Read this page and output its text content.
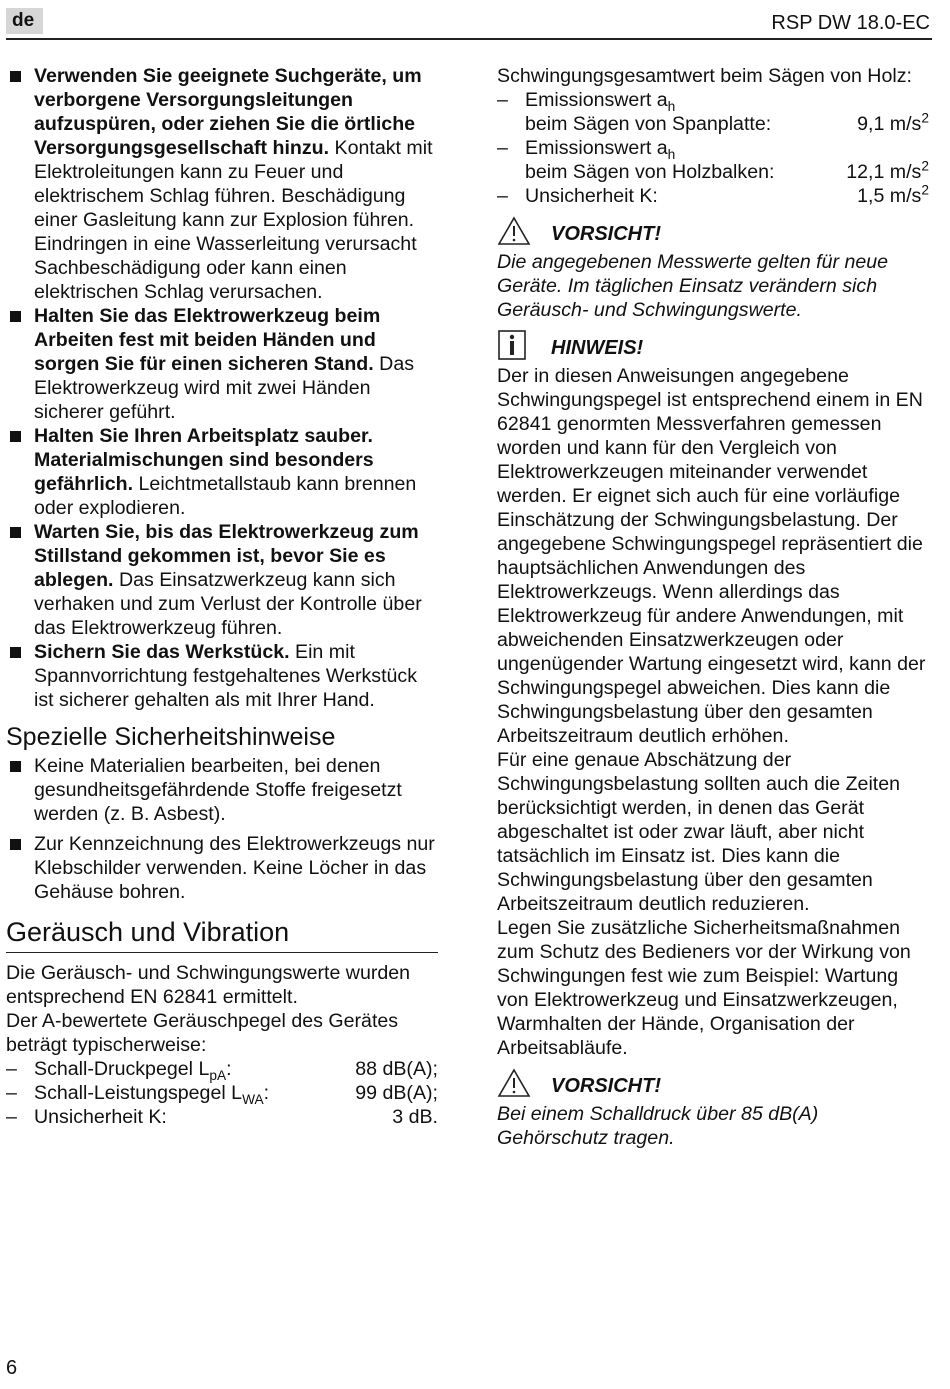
de	RSP DW 18.0-EC
Verwenden Sie geeignete Suchgeräte, um verborgene Versorgungsleitungen aufzuspüren, oder ziehen Sie die örtliche Versorgungsgesellschaft hinzu. Kontakt mit Elektroleitungen kann zu Feuer und elektrischem Schlag führen. Beschädigung einer Gasleitung kann zur Explosion führen. Eindringen in eine Wasserleitung verursacht Sachbeschädigung oder kann einen elektrischen Schlag verursachen.
Halten Sie das Elektrowerkzeug beim Arbeiten fest mit beiden Händen und sorgen Sie für einen sicheren Stand. Das Elektrowerkzeug wird mit zwei Händen sicherer geführt.
Halten Sie Ihren Arbeitsplatz sauber. Materialmischungen sind besonders gefährlich. Leichtmetallstaub kann brennen oder explodieren.
Warten Sie, bis das Elektrowerkzeug zum Stillstand gekommen ist, bevor Sie es ablegen. Das Einsatzwerkzeug kann sich verhaken und zum Verlust der Kontrolle über das Elektrowerkzeug führen.
Sichern Sie das Werkstück. Ein mit Spannvorrichtung festgehaltenes Werkstück ist sicherer gehalten als mit Ihrer Hand.
Spezielle Sicherheitshinweise
Keine Materialien bearbeiten, bei denen gesundheitsgefährdende Stoffe freigesetzt werden (z. B. Asbest).
Zur Kennzeichnung des Elektrowerkzeugs nur Klebschilder verwenden. Keine Löcher in das Gehäuse bohren.
Geräusch und Vibration

Die Geräusch- und Schwingungswerte wurden entsprechend EN 62841 ermittelt.

Der A-bewertete Geräuschpegel des Gerätes beträgt typischerweise:

– Schall-Druckpegel $L_{pA}$:	88 dB(A);
– Schall-Leistungspegel $L_{WA}$:	99 dB(A);
– Unsicherheit K:	3 dB.

Schwingungsgesamtwert beim Sägen von Holz:

– Emissionswert $a_h$
beim Sägen von Spanplatte:	9,1 $m/s^2$
– Emissionswert $a_h$
beim Sägen von Holzbalken:	12,1 $m/s^2$
– Unsicherheit K:	1,5 $m/s^2$
VORSICHT!

Die angegebenen Messwerte gelten für neue Geräte. Im täglichen Einsatz verändern sich Geräusch- und Schwingungswerte.

HINWEIS!

Der in diesen Anweisungen angegebene Schwingungspegel ist entsprechend einem in EN 62841 genormten Messverfahren gemessen worden und kann für den Vergleich von Elektrowerkzeugen miteinander verwendet werden. Er eignet sich auch für eine vorläufige Einschätzung der Schwingungsbelastung. Der angegebene Schwingungspegel repräsentiert die hauptsächlichen Anwendungen des Elektrowerkzeugs. Wenn allerdings das Elektrowerkzeug für andere Anwendungen, mit abweichenden Einsatzwerkzeugen oder ungenügender Wartung eingesetzt wird, kann der Schwingungspegel abweichen. Dies kann die Schwingungsbelastung über den gesamten Arbeitszeitraum deutlich erhöhen.

Für eine genaue Abschätzung der Schwingungsbelastung sollten auch die Zeiten berücksichtigt werden, in denen das Gerät abgeschaltet ist oder zwar läuft, aber nicht tatsächlich im Einsatz ist. Dies kann die Schwingungsbelastung über den gesamten Arbeitszeitraum deutlich reduzieren.

Legen Sie zusätzliche Sicherheitsmaßnahmen zum Schutz des Bedieners vor der Wirkung von Schwingungen fest wie zum Beispiel: Wartung von Elektrowerkzeug und Einsatzwerkzeugen, Warmhalten der Hände, Organisation der Arbeitsabläufe.

VORSICHT!

Bei einem Schalldruck über 85 dB(A) Gehörschutz tragen.

6
